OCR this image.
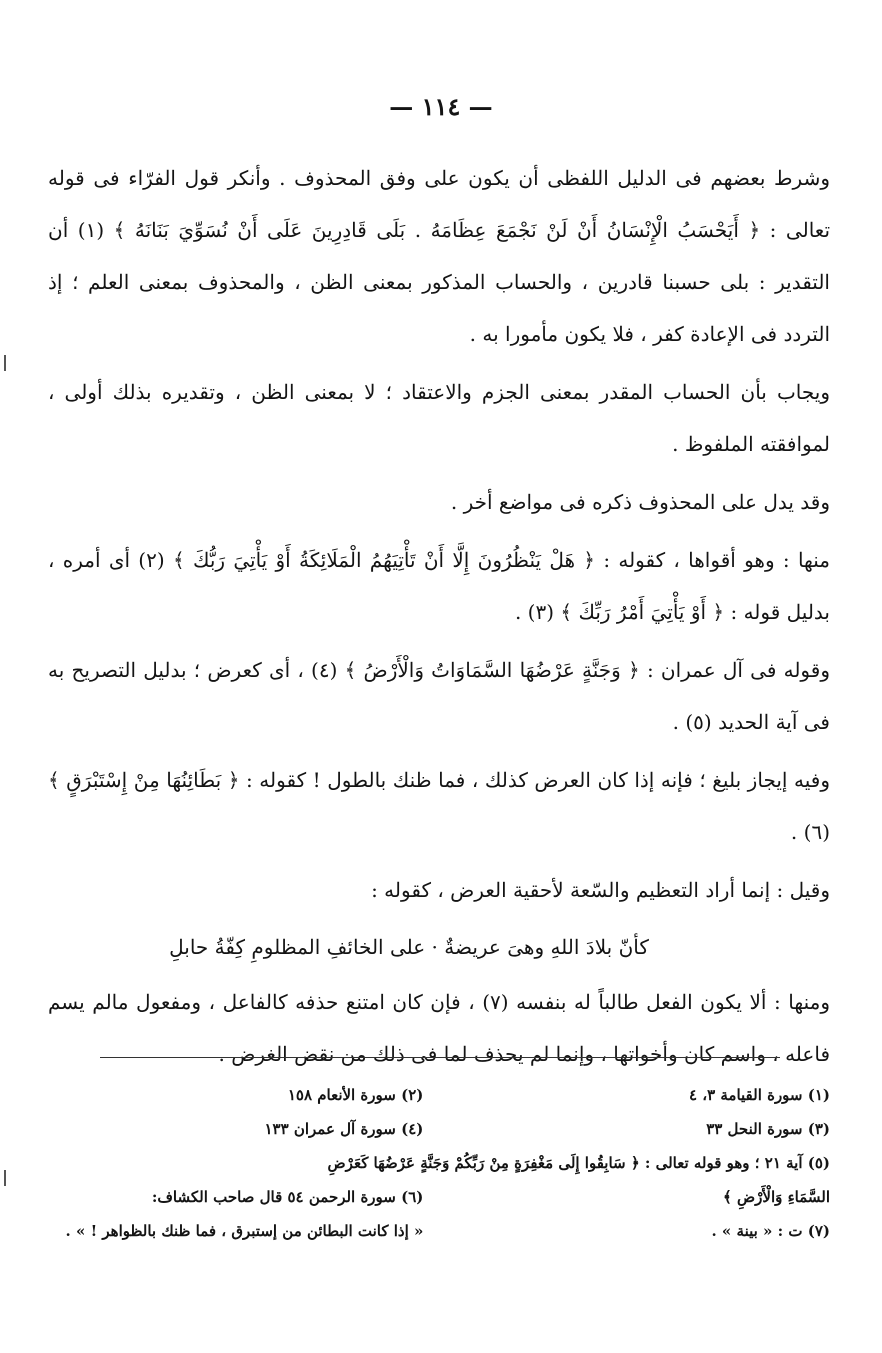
— ١١٤ —

وشرط بعضهم فى الدليل اللفظى أن يكون على وفق المحذوف . وأنكر قول الفرّاء فى قوله تعالى : ﴿ أَيَحْسَبُ الْإِنْسَانُ أَنْ لَنْ نَجْمَعَ عِظَامَهُ . بَلَى قَادِرِينَ عَلَى أَنْ نُسَوِّيَ بَنَانَهُ ﴾ (١) أن التقدير : بلى حسبنا قادرين ، والحساب المذكور بمعنى الظن ، والمحذوف بمعنى العلم ؛ إذ التردد فى الإعادة كفر ، فلا يكون مأمورا به .

ويجاب بأن الحساب المقدر بمعنى الجزم والاعتقاد ؛ لا بمعنى الظن ، وتقديره بذلك أولى ، لموافقته الملفوظ .

وقد يدل على المحذوف ذكره فى مواضع أخر .

منها : وهو أقواها ، كقوله : ﴿ هَلْ يَنْظُرُونَ إِلَّا أَنْ تَأْتِيَهُمُ الْمَلَائِكَةُ أَوْ يَأْتِيَ رَبُّكَ ﴾ (٢) أى أمره ، بدليل قوله : ﴿ أَوْ يَأْتِيَ أَمْرُ رَبِّكَ ﴾ (٣) .

وقوله فى آل عمران : ﴿ وَجَنَّةٍ عَرْضُهَا السَّمَاوَاتُ وَالْأَرْضُ ﴾ (٤) ، أى كعرض ؛ بدليل التصريح به فى آية الحديد (٥) .

وفيه إيجاز بليغ ؛ فإنه إذا كان العرض كذلك ، فما ظنك بالطول ! كقوله : ﴿ بَطَائِنُهَا مِنْ إِسْتَبْرَقٍ ﴾ (٦) .

وقيل : إنما أراد التعظيم والسّعة لأحقية العرض ، كقوله :

كأنّ بلادَ اللهِ وهىَ عريضةٌ · على الخائفِ المظلومِ كِفّةُ حابلِ

ومنها : ألا يكون الفعل طالباً له بنفسه (٧) ، فإن كان امتنع حذفه كالفاعل ، ومفعول مالم يسم فاعله ، واسم كان وأخواتها ، وإنما لم يحذف لما فى ذلك من نقض الغرض .

(١) سورة القيامة ٣، ٤
(٢) سورة الأنعام ١٥٨
(٣) سورة النحل ٣٣
(٤) سورة آل عمران ١٣٣
(٥) آية ٢١ ؛ وهو قوله تعالى : ﴿ سَابِقُوا إِلَى مَغْفِرَةٍ مِنْ رَبِّكُمْ وَجَنَّةٍ عَرْضُهَا كَعَرْضِ
السَّمَاءِ وَالْأَرْضِ ﴾
(٦) سورة الرحمن ٥٤ قال صاحب الكشاف:
(٧) ت : « بينة » .
« إذا كانت البطائن من إستبرق ، فما ظنك بالظواهر ! » .
